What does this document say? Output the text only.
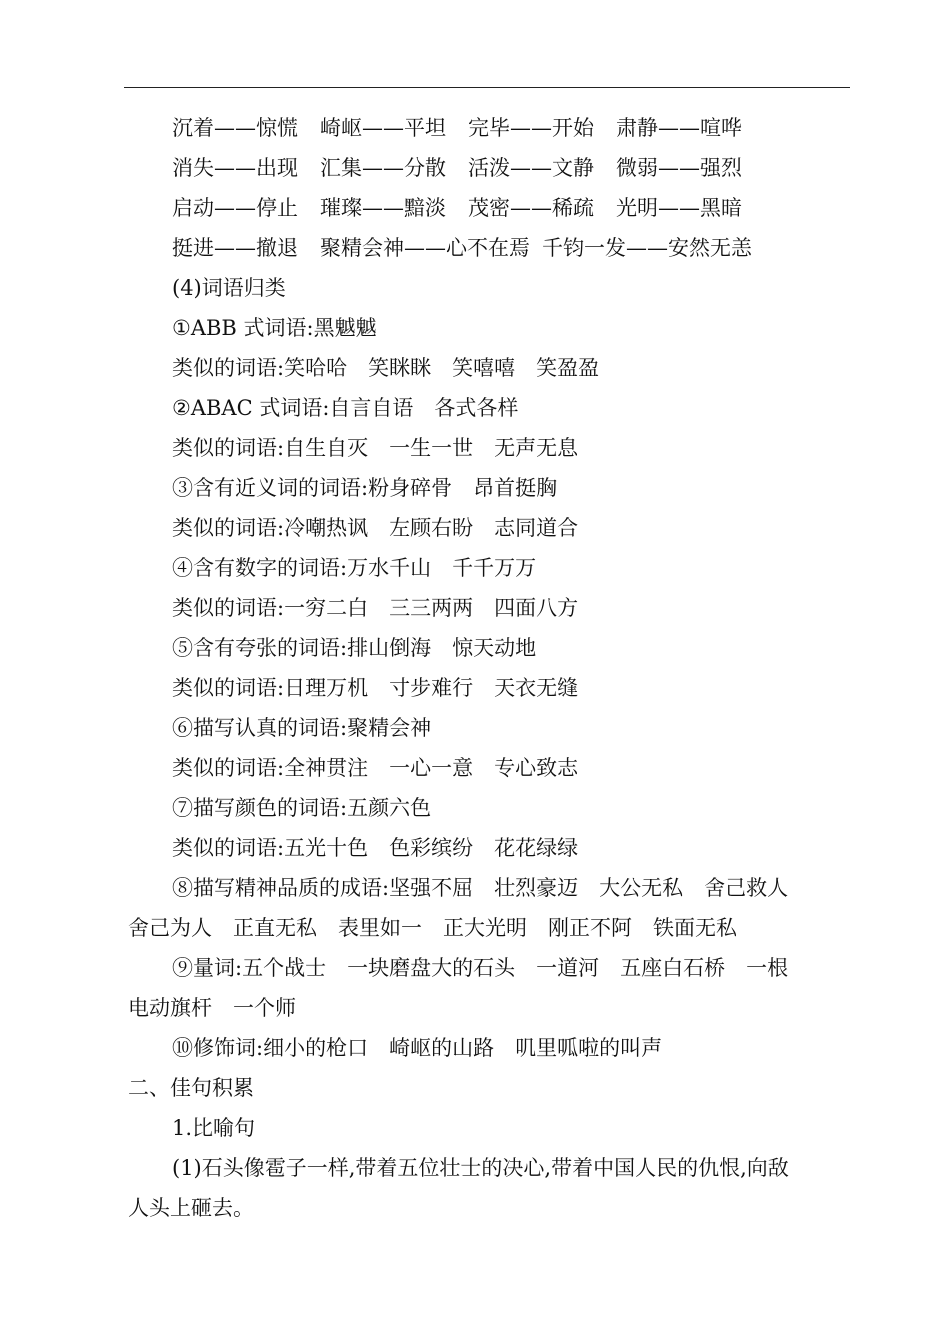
沉着——惊慌 崎岖——平坦 完毕——开始 肃静——喧哗
消失——出现 汇集——分散 活泼——文静 微弱——强烈
启动——停止 璀璨——黯淡 茂密——稀疏 光明——黑暗
挺进——撤退 聚精会神——心不在焉 千钧一发——安然无恙
(4)词语归类
①ABB 式词语:黑魆魆
类似的词语:笑哈哈　笑眯眯　笑嘻嘻　笑盈盈
②ABAC 式词语:自言自语　各式各样
类似的词语:自生自灭　一生一世　无声无息
③含有近义词的词语:粉身碎骨　昂首挺胸
类似的词语:冷嘲热讽　左顾右盼　志同道合
④含有数字的词语:万水千山　千千万万
类似的词语:一穷二白　三三两两　四面八方
⑤含有夸张的词语:排山倒海　惊天动地
类似的词语:日理万机　寸步难行　天衣无缝
⑥描写认真的词语:聚精会神
类似的词语:全神贯注　一心一意　专心致志
⑦描写颜色的词语:五颜六色
类似的词语:五光十色　色彩缤纷　花花绿绿
⑧描写精神品质的成语:坚强不屈　壮烈豪迈　大公无私　舍己救人
舍己为人　正直无私　表里如一　正大光明　刚正不阿　铁面无私
⑨量词:五个战士　一块磨盘大的石头　一道河　五座白石桥　一根
电动旗杆　一个师
⑩修饰词:细小的枪口　崎岖的山路　叽里呱啦的叫声
二、佳句积累
1.比喻句
(1)石头像雹子一样,带着五位壮士的决心,带着中国人民的仇恨,向敌
人头上砸去。
